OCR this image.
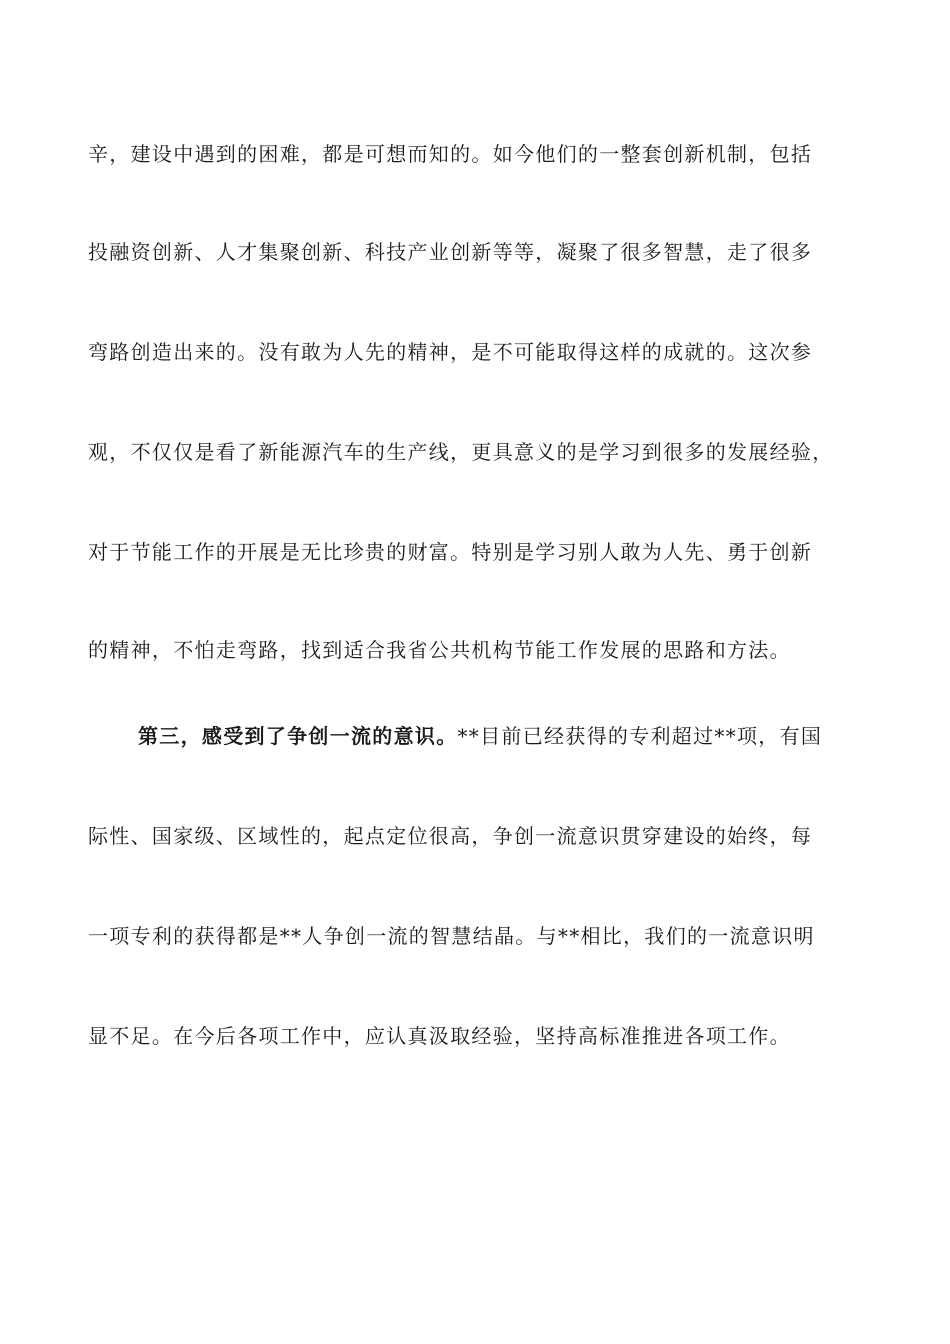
辛，建设中遇到的困难，都是可想而知的。如今他们的一整套创新机制，包括
投融资创新、人才集聚创新、科技产业创新等等，凝聚了很多智慧，走了很多
弯路创造出来的。没有敢为人先的精神，是不可能取得这样的成就的。这次参
观，不仅仅是看了新能源汽车的生产线，更具意义的是学习到很多的发展经验，
对于节能工作的开展是无比珍贵的财富。特别是学习别人敢为人先、勇于创新
的精神，不怕走弯路，找到适合我省公共机构节能工作发展的思路和方法。
第三，感受到了争创一流的意识。**目前已经获得的专利超过**项，有国
际性、国家级、区域性的，起点定位很高，争创一流意识贯穿建设的始终，每
一项专利的获得都是**人争创一流的智慧结晶。与**相比，我们的一流意识明
显不足。在今后各项工作中，应认真汲取经验，坚持高标准推进各项工作。
